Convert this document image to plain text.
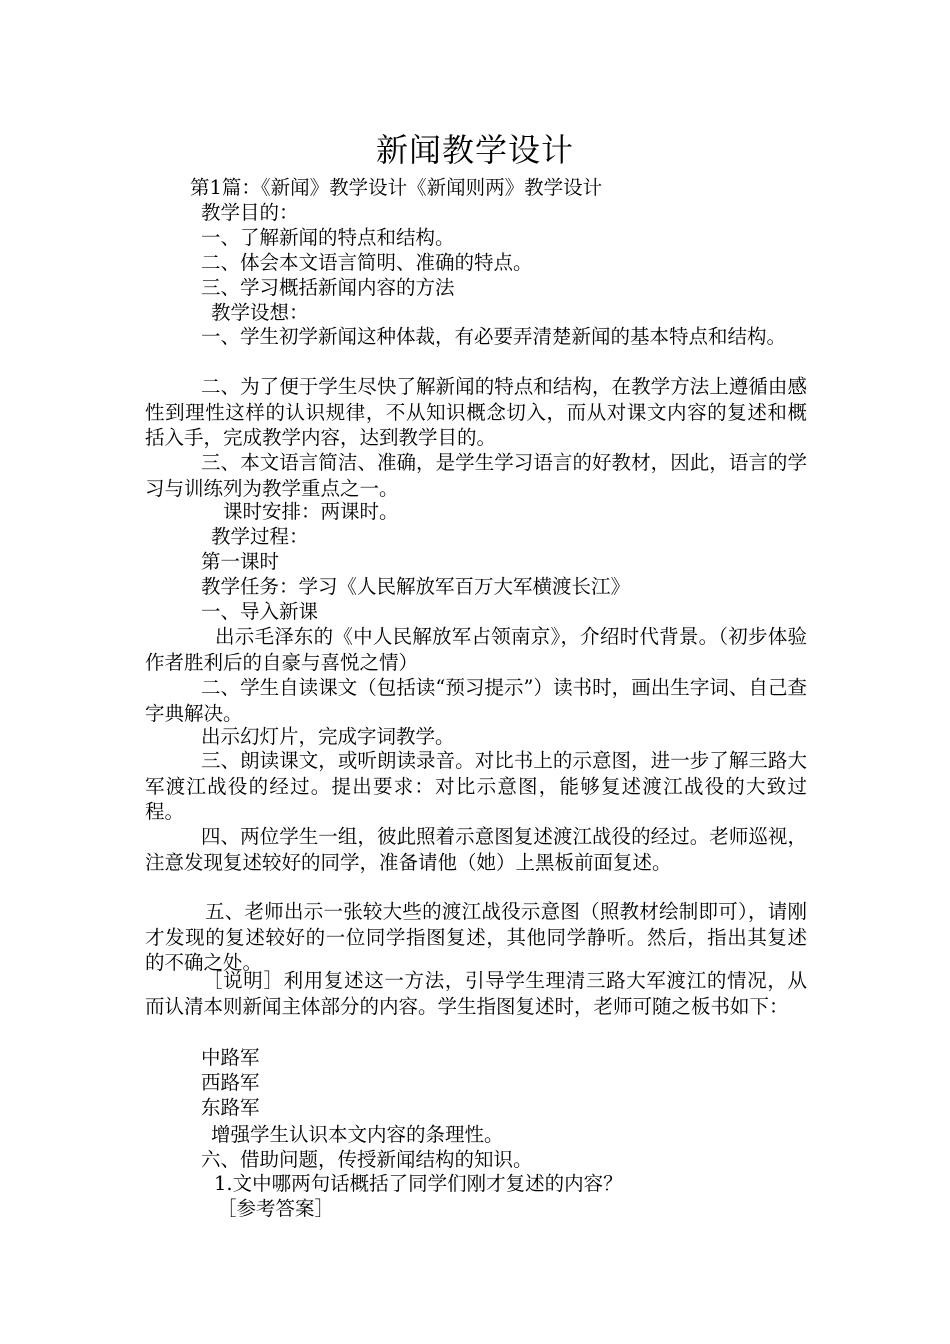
新闻教学设计
第1篇：《新闻》教学设计《新闻则两》教学设计
教学目的：
一、了解新闻的特点和结构。
二、体会本文语言简明、准确的特点。
三、学习概括新闻内容的方法
教学设想：
一、学生初学新闻这种体裁，有必要弄清楚新闻的基本特点和结构。
二、为了便于学生尽快了解新闻的特点和结构，在教学方法上遵循由感性到理性这样的认识规律，不从知识概念切入，而从对课文内容的复述和概括入手，完成教学内容，达到教学目的。
三、本文语言简洁、准确，是学生学习语言的好教材，因此，语言的学习与训练列为教学重点之一。
课时安排：两课时。
教学过程：
第一课时
教学任务：学习《人民解放军百万大军横渡长江》
一、导入新课
出示毛泽东的《中人民解放军占领南京》，介绍时代背景。（初步体验作者胜利后的自豪与喜悦之情）
二、学生自读课文（包括读“预习提示”）读书时，画出生字词、自己查字典解决。
出示幻灯片，完成字词教学。
三、朗读课文，或听朗读录音。对比书上的示意图，进一步了解三路大军渡江战役的经过。提出要求：对比示意图，能够复述渡江战役的大致过程。
四、两位学生一组，彼此照着示意图复述渡江战役的经过。老师巡视，注意发现复述较好的同学，准备请他（她）上黑板前面复述。
五、老师出示一张较大些的渡江战役示意图（照教材绘制即可），请刚才发现的复述较好的一位同学指图复述，其他同学静听。然后，指出其复述的不确之处。
［说明］利用复述这一方法，引导学生理清三路大军渡江的情况，从而认清本则新闻主体部分的内容。学生指图复述时，老师可随之板书如下：
中路军
西路军
东路军
增强学生认识本文内容的条理性。
六、借助问题，传授新闻结构的知识。
1.文中哪两句话概括了同学们刚才复述的内容？
［参考答案］
